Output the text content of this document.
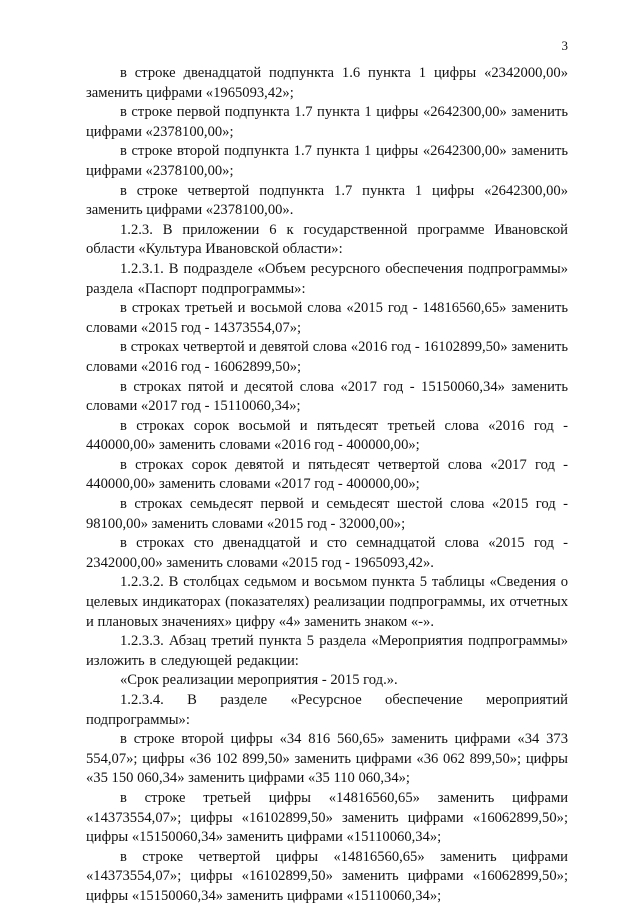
3

в строке двенадцатой подпункта 1.6 пункта 1 цифры «2342000,00» заменить цифрами «1965093,42»;

в строке первой подпункта 1.7 пункта 1 цифры «2642300,00» заменить цифрами «2378100,00»;

в строке второй подпункта 1.7 пункта 1 цифры «2642300,00» заменить цифрами «2378100,00»;

в строке четвертой подпункта 1.7 пункта 1 цифры «2642300,00» заменить цифрами «2378100,00».

1.2.3. В приложении 6 к государственной программе Ивановской области «Культура Ивановской области»:

1.2.3.1. В подразделе «Объем ресурсного обеспечения подпрограммы» раздела «Паспорт подпрограммы»:

в строках третьей и восьмой слова «2015 год - 14816560,65» заменить словами «2015 год - 14373554,07»;

в строках четвертой и девятой слова «2016 год - 16102899,50» заменить словами «2016 год - 16062899,50»;

в строках пятой и десятой слова «2017 год - 15150060,34» заменить словами «2017 год - 15110060,34»;

в строках сорок восьмой и пятьдесят третьей слова «2016 год - 440000,00» заменить словами «2016 год - 400000,00»;

в строках сорок девятой и пятьдесят четвертой слова «2017 год - 440000,00» заменить словами «2017 год - 400000,00»;

в строках семьдесят первой и семьдесят шестой слова «2015 год - 98100,00» заменить словами «2015 год - 32000,00»;

в строках сто двенадцатой и сто семнадцатой слова «2015 год - 2342000,00» заменить словами «2015 год - 1965093,42».

1.2.3.2. В столбцах седьмом и восьмом пункта 5 таблицы «Сведения о целевых индикаторах (показателях) реализации подпрограммы, их отчетных и плановых значениях» цифру «4» заменить знаком «-».

1.2.3.3. Абзац третий пункта 5 раздела «Мероприятия подпрограммы» изложить в следующей редакции:

«Срок реализации мероприятия - 2015 год.».

1.2.3.4. В разделе «Ресурсное обеспечение мероприятий подпрограммы»:

в строке второй цифры «34 816 560,65» заменить цифрами «34 373 554,07»; цифры «36 102 899,50» заменить цифрами «36 062 899,50»; цифры «35 150 060,34» заменить цифрами «35 110 060,34»;

в строке третьей цифры «14816560,65» заменить цифрами «14373554,07»; цифры «16102899,50» заменить цифрами «16062899,50»; цифры «15150060,34» заменить цифрами «15110060,34»;

в строке четвертой цифры «14816560,65» заменить цифрами «14373554,07»; цифры «16102899,50» заменить цифрами «16062899,50»; цифры «15150060,34» заменить цифрами «15110060,34»;
